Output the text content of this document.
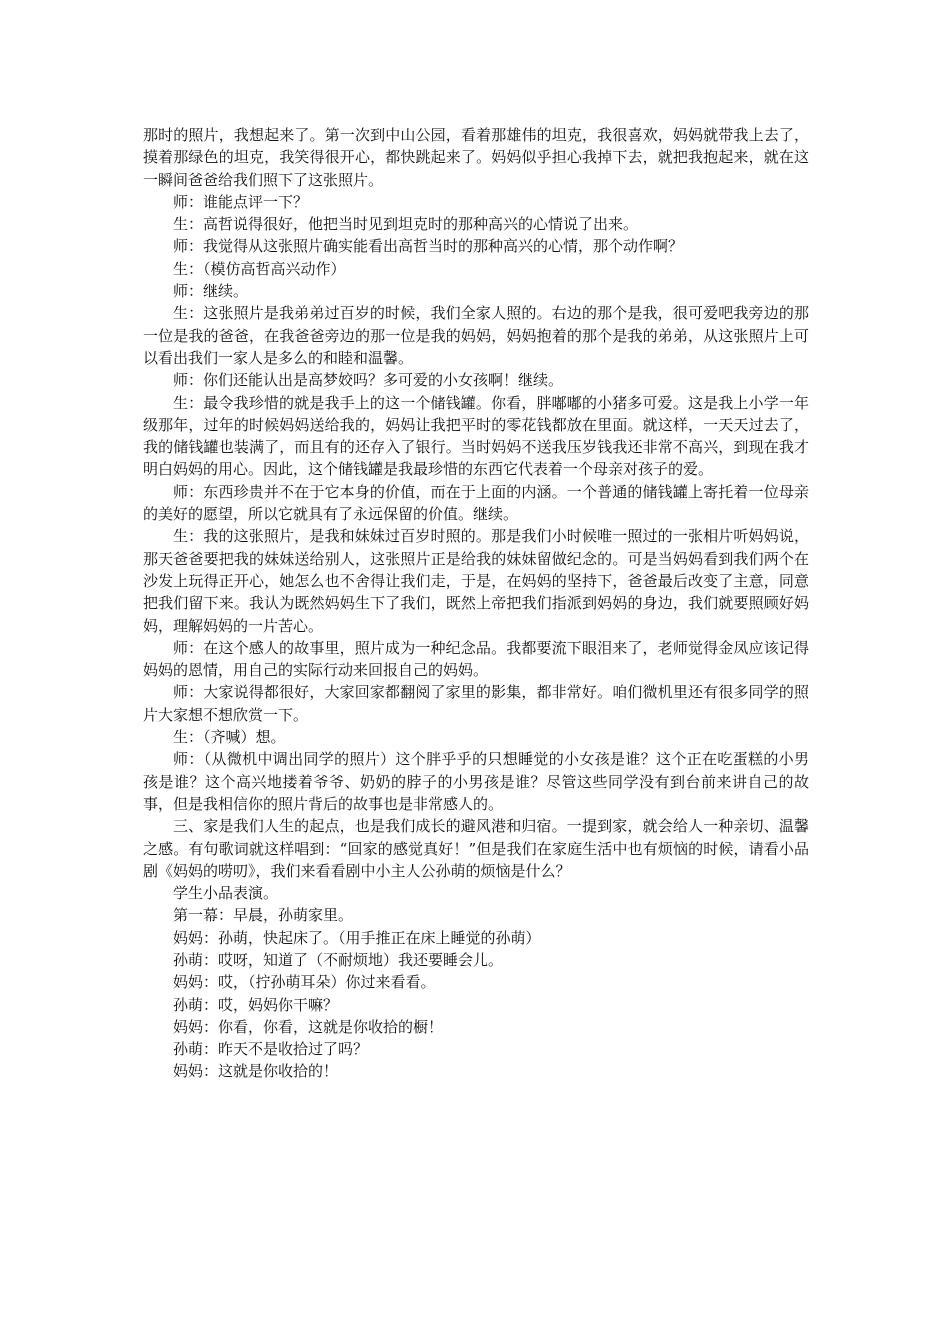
那时的照片，我想起来了。第一次到中山公园，看着那雄伟的坦克，我很喜欢，妈妈就带我上去了，摸着那绿色的坦克，我笑得很开心，都快跳起来了。妈妈似乎担心我掉下去，就把我抱起来，就在这一瞬间爸爸给我们照下了这张照片。

师：谁能点评一下？

生：高哲说得很好，他把当时见到坦克时的那种高兴的心情说了出来。

师：我觉得从这张照片确实能看出高哲当时的那种高兴的心情，那个动作啊？

生：（模仿高哲高兴动作）

师：继续。

生：这张照片是我弟弟过百岁的时候，我们全家人照的。右边的那个是我，很可爱吧我旁边的那一位是我的爸爸，在我爸爸旁边的那一位是我的妈妈，妈妈抱着的那个是我的弟弟，从这张照片上可以看出我们一家人是多么的和睦和温馨。

师：你们还能认出是高梦姣吗？多可爱的小女孩啊！继续。

生：最令我珍惜的就是我手上的这一个储钱罐。你看，胖嘟嘟的小猪多可爱。这是我上小学一年级那年，过年的时候妈妈送给我的，妈妈让我把平时的零花钱都放在里面。就这样，一天天过去了，我的储钱罐也装满了，而且有的还存入了银行。当时妈妈不送我压岁钱我还非常不高兴，到现在我才明白妈妈的用心。因此，这个储钱罐是我最珍惜的东西它代表着一个母亲对孩子的爱。

师：东西珍贵并不在于它本身的价值，而在于上面的内涵。一个普通的储钱罐上寄托着一位母亲的美好的愿望，所以它就具有了永远保留的价值。继续。

生：我的这张照片，是我和妹妹过百岁时照的。那是我们小时候唯一照过的一张相片听妈妈说，那天爸爸要把我的妹妹送给别人，这张照片正是给我的妹妹留做纪念的。可是当妈妈看到我们两个在沙发上玩得正开心，她怎么也不舍得让我们走，于是，在妈妈的坚持下，爸爸最后改变了主意，同意把我们留下来。我认为既然妈妈生下了我们，既然上帝把我们指派到妈妈的身边，我们就要照顾好妈妈，理解妈妈的一片苦心。

师：在这个感人的故事里，照片成为一种纪念品。我都要流下眼泪来了，老师觉得金凤应该记得妈妈的恩情，用自己的实际行动来回报自己的妈妈。

师：大家说得都很好，大家回家都翻阅了家里的影集，都非常好。咱们微机里还有很多同学的照片大家想不想欣赏一下。

生：（齐喊）想。

师：（从微机中调出同学的照片）这个胖乎乎的只想睡觉的小女孩是谁？这个正在吃蛋糕的小男孩是谁？这个高兴地搂着爷爷、奶奶的脖子的小男孩是谁？尽管这些同学没有到台前来讲自己的故事，但是我相信你的照片背后的故事也是非常感人的。

三、家是我们人生的起点，也是我们成长的避风港和归宿。一提到家，就会给人一种亲切、温馨之感。有句歌词就这样唱到：“回家的感觉真好！”但是我们在家庭生活中也有烦恼的时候，请看小品剧《妈妈的唠叨》，我们来看看剧中小主人公孙萌的烦恼是什么？

学生小品表演。

第一幕：早晨，孙萌家里。

妈妈：孙萌，快起床了。（用手推正在床上睡觉的孙萌）

孙萌：哎呀，知道了（不耐烦地）我还要睡会儿。

妈妈：哎，（拧孙萌耳朵）你过来看看。

孙萌：哎，妈妈你干嘛？

妈妈：你看，你看，这就是你收拾的橱！

孙萌：昨天不是收拾过了吗？

妈妈：这就是你收拾的！
